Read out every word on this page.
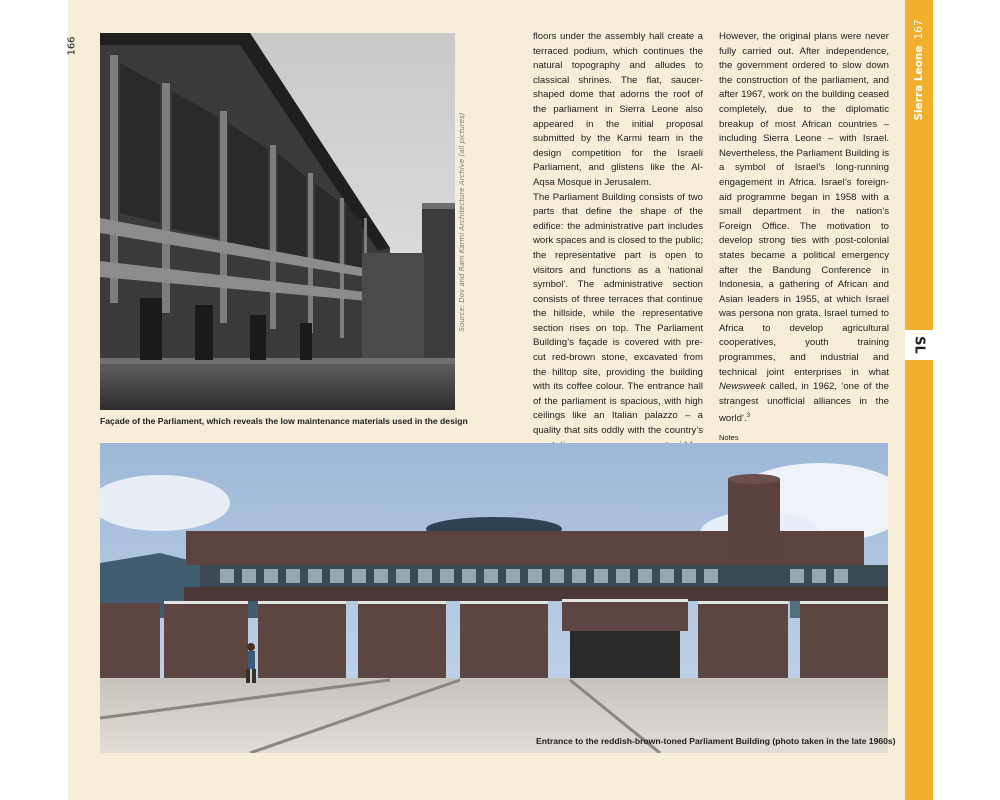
166
Source: Dov and Ram Karmi Architecture Archive (all pictures)
Façade of the Parliament, which reveals the low maintenance materials used in the design

floors under the assembly hall create a terraced podium, which continues the natural topography and alludes to classical shrines. The flat, saucer-shaped dome that adorns the roof of the parliament in Sierra Leone also appeared in the initial proposal submitted by the Karmi team in the design competition for the Israeli Parliament, and glistens like the Al-Aqsa Mosque in Jerusalem.

The Parliament Building consists of two parts that define the shape of the edifice: the administrative part includes work spaces and is closed to the public; the representative part is open to visitors and functions as a ‘national symbol’. The administrative section consists of three terraces that continue the hillside, while the representative section rises on top. The Parliament Building’s façade is covered with pre-cut red-brown stone, excavated from the hilltop site, providing the building with its coffee colour. The entrance hall of the parliament is spacious, with high ceilings like an Italian palazzo – a quality that sits oddly with the country’s

However, the original plans were never fully carried out. After independence, the government ordered to slow down the construction of the parliament, and after 1967, work on the building ceased completely, due to the diplomatic breakup of most African countries – including Sierra Leone – with Israel. Nevertheless, the Parliament Building is a symbol of Israel’s long-running engagement in Africa. Israel’s foreign-aid programme began in 1958 with a small department in the nation’s Foreign Office. The motivation to develop strong ties with post-colonial states became a political emergency after the Bandung Conference in Indonesia, a gathering of African and Asian leaders in 1955, at which Israel was persona non grata. Israel turned to Africa to develop agricultural cooperatives, youth training programmes, and industrial and technical joint enterprises in what Newsweek called, in 1962, ‘one of the strangest unofficial alliances in the world’.$^3$

Notes

Entrance to the reddish-brown-toned Parliament Building (photo taken in the late 1960s)
Sierra Leone167
SL
